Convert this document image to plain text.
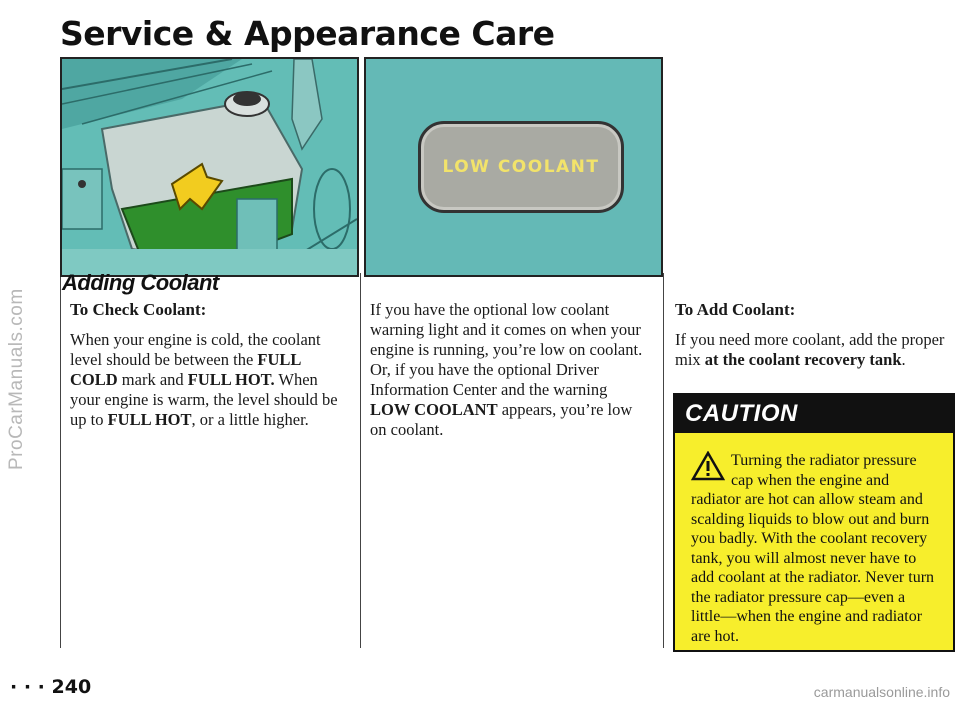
Service & Appearance Care
ProCarManuals.com
LOW COOLANT
Adding Coolant

To Check Coolant:

When your engine is cold, the coolant level should be between the FULL COLD mark and FULL HOT. When your engine is warm, the level should be up to FULL HOT, or a little higher.

If you have the optional low coolant warning light and it comes on when your engine is running, you’re low on coolant. Or, if you have the optional Driver Information Center and the warning LOW COOLANT appears, you’re low on coolant.

To Add Coolant:

If you need more coolant, add the proper mix at the coolant recovery tank.

CAUTION
Turning the radiator pressure cap when the engine and radiator are hot can allow steam and scalding liquids to blow out and burn you badly. With the coolant recovery tank, you will almost never have to add coolant at the radiator. Never turn the radiator pressure cap—even a little—when the engine and radiator are hot.
· · · 240	carmanualsonline.info
